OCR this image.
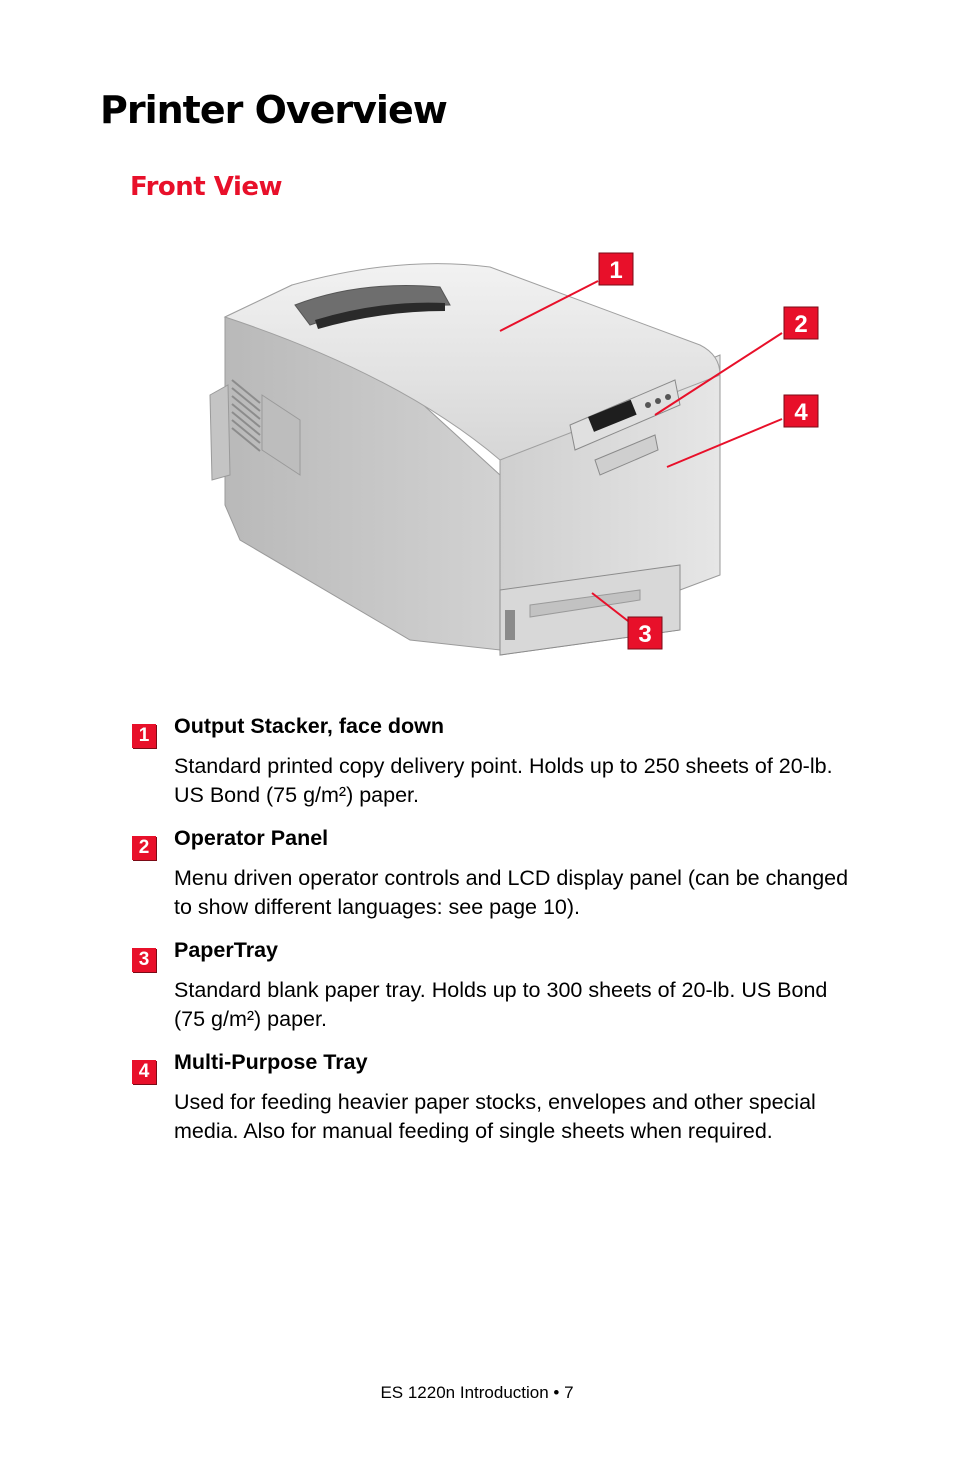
Printer Overview
Front View
1
2
4
3
1	Output Stacker, face down

Standard printed copy delivery point. Holds up to 250 sheets of 20-lb. US Bond (75 g/m²) paper.

2	Operator Panel

Menu driven operator controls and LCD display panel (can be changed to show different languages: see page 10).

3	PaperTray

Standard blank paper tray. Holds up to 300 sheets of 20-lb. US Bond (75 g/m²) paper.

4	Multi-Purpose Tray

Used for feeding heavier paper stocks, envelopes and other special media. Also for manual feeding of single sheets when required.

ES 1220n Introduction • 7
